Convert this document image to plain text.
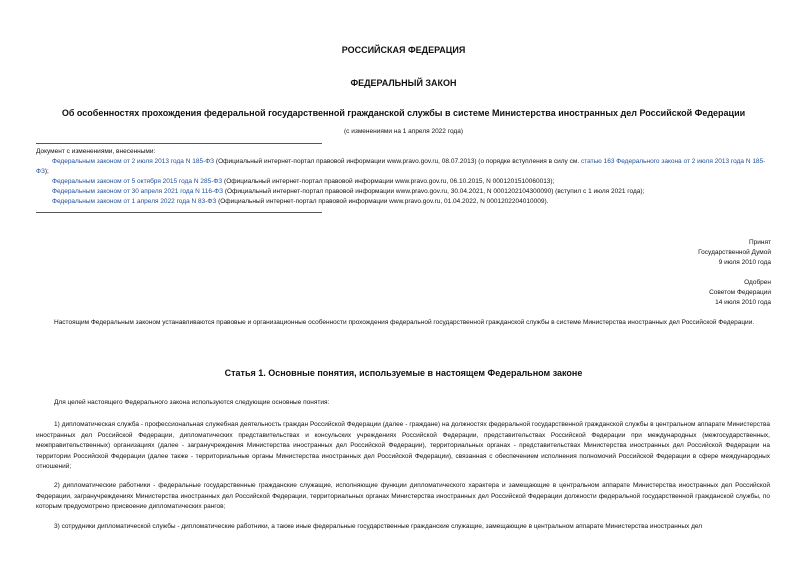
РОССИЙСКАЯ ФЕДЕРАЦИЯ
ФЕДЕРАЛЬНЫЙ ЗАКОН
Об особенностях прохождения федеральной государственной гражданской службы в системе Министерства иностранных дел Российской Федерации
(с изменениями на 1 апреля 2022 года)

Документ с изменениями, внесенными:

Федеральным законом от 2 июля 2013 года N 185-ФЗ (Официальный интернет-портал правовой информации www.pravo.gov.ru, 08.07.2013) (о порядке вступления в силу см. статью 163 Федерального закона от 2 июля 2013 года N 185-ФЗ);

Федеральным законом от 5 октября 2015 года N 285-ФЗ (Официальный интернет-портал правовой информации www.pravo.gov.ru, 06.10.2015, N 0001201510060013);

Федеральным законом от 30 апреля 2021 года N 116-ФЗ (Официальный интернет-портал правовой информации www.pravo.gov.ru, 30.04.2021, N 0001202104300090) (вступил с 1 июля 2021 года);

Федеральным законом от 1 апреля 2022 года N 83-ФЗ (Официальный интернет-портал правовой информации www.pravo.gov.ru, 01.04.2022, N 0001202204010009).

Принят
Государственной Думой
9 июля 2010 года
Одобрен
Советом Федерации
14 июля 2010 года

Настоящим Федеральным законом устанавливаются правовые и организационные особенности прохождения федеральной государственной гражданской службы в системе Министерства иностранных дел Российской Федерации.

Статья 1. Основные понятия, используемые в настоящем Федеральном законе

Для целей настоящего Федерального закона используются следующие основные понятия:

1) дипломатическая служба - профессиональная служебная деятельность граждан Российской Федерации (далее - граждане) на должностях федеральной государственной гражданской службы в центральном аппарате Министерства иностранных дел Российской Федерации, дипломатических представительствах и консульских учреждениях Российской Федерации, представительствах Российской Федерации при международных (межгосударственных, межправительственных) организациях (далее - загранучреждения Министерства иностранных дел Российской Федерации), территориальных органах - представительствах Министерства иностранных дел Российской Федерации на территории Российской Федерации (далее также - территориальные органы Министерства иностранных дел Российской Федерации), связанная с обеспечением исполнения полномочий Российской Федерации в сфере международных отношений;

2) дипломатические работники - федеральные государственные гражданские служащие, исполняющие функции дипломатического характера и замещающие в центральном аппарате Министерства иностранных дел Российской Федерации, загранучреждениях Министерства иностранных дел Российской Федерации, территориальных органах Министерства иностранных дел Российской Федерации должности федеральной государственной гражданской службы, по которым предусмотрено присвоение дипломатических рангов;

3) сотрудники дипломатической службы - дипломатические работники, а также иные федеральные государственные гражданские служащие, замещающие в центральном аппарате Министерства иностранных дел
